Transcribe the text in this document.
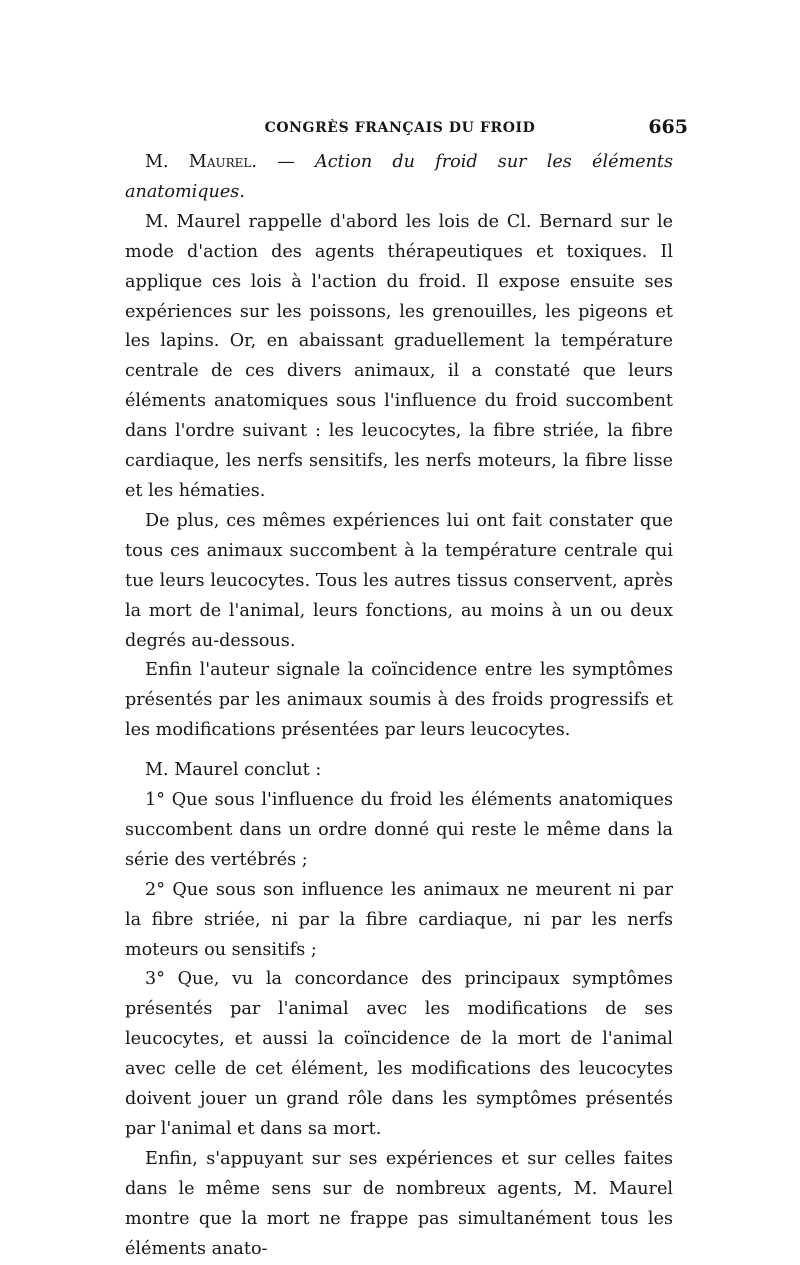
CONGRÈS FRANÇAIS DU FROID	665

M. Maurel. — Action du froid sur les éléments anatomiques.

M. Maurel rappelle d'abord les lois de Cl. Bernard sur le mode d'action des agents thérapeutiques et toxiques. Il applique ces lois à l'action du froid. Il expose ensuite ses expériences sur les poissons, les grenouilles, les pigeons et les lapins. Or, en abaissant graduellement la température centrale de ces divers animaux, il a constaté que leurs éléments anatomiques sous l'influence du froid succombent dans l'ordre suivant : les leucocytes, la fibre striée, la fibre cardiaque, les nerfs sensitifs, les nerfs moteurs, la fibre lisse et les hématies.

De plus, ces mêmes expériences lui ont fait constater que tous ces animaux succombent à la température centrale qui tue leurs leucocytes. Tous les autres tissus conservent, après la mort de l'animal, leurs fonctions, au moins à un ou deux degrés au-dessous.

Enfin l'auteur signale la coïncidence entre les symptômes présentés par les animaux soumis à des froids progressifs et les modifications présentées par leurs leucocytes.

M. Maurel conclut :

1° Que sous l'influence du froid les éléments anatomiques succombent dans un ordre donné qui reste le même dans la série des vertébrés ;

2° Que sous son influence les animaux ne meurent ni par la fibre striée, ni par la fibre cardiaque, ni par les nerfs moteurs ou sensitifs ;

3° Que, vu la concordance des principaux symptômes présentés par l'animal avec les modifications de ses leucocytes, et aussi la coïncidence de la mort de l'animal avec celle de cet élément, les modifications des leucocytes doivent jouer un grand rôle dans les symptômes présentés par l'animal et dans sa mort.

Enfin, s'appuyant sur ses expériences et sur celles faites dans le même sens sur de nombreux agents, M. Maurel montre que la mort ne frappe pas simultanément tous les éléments anato-
